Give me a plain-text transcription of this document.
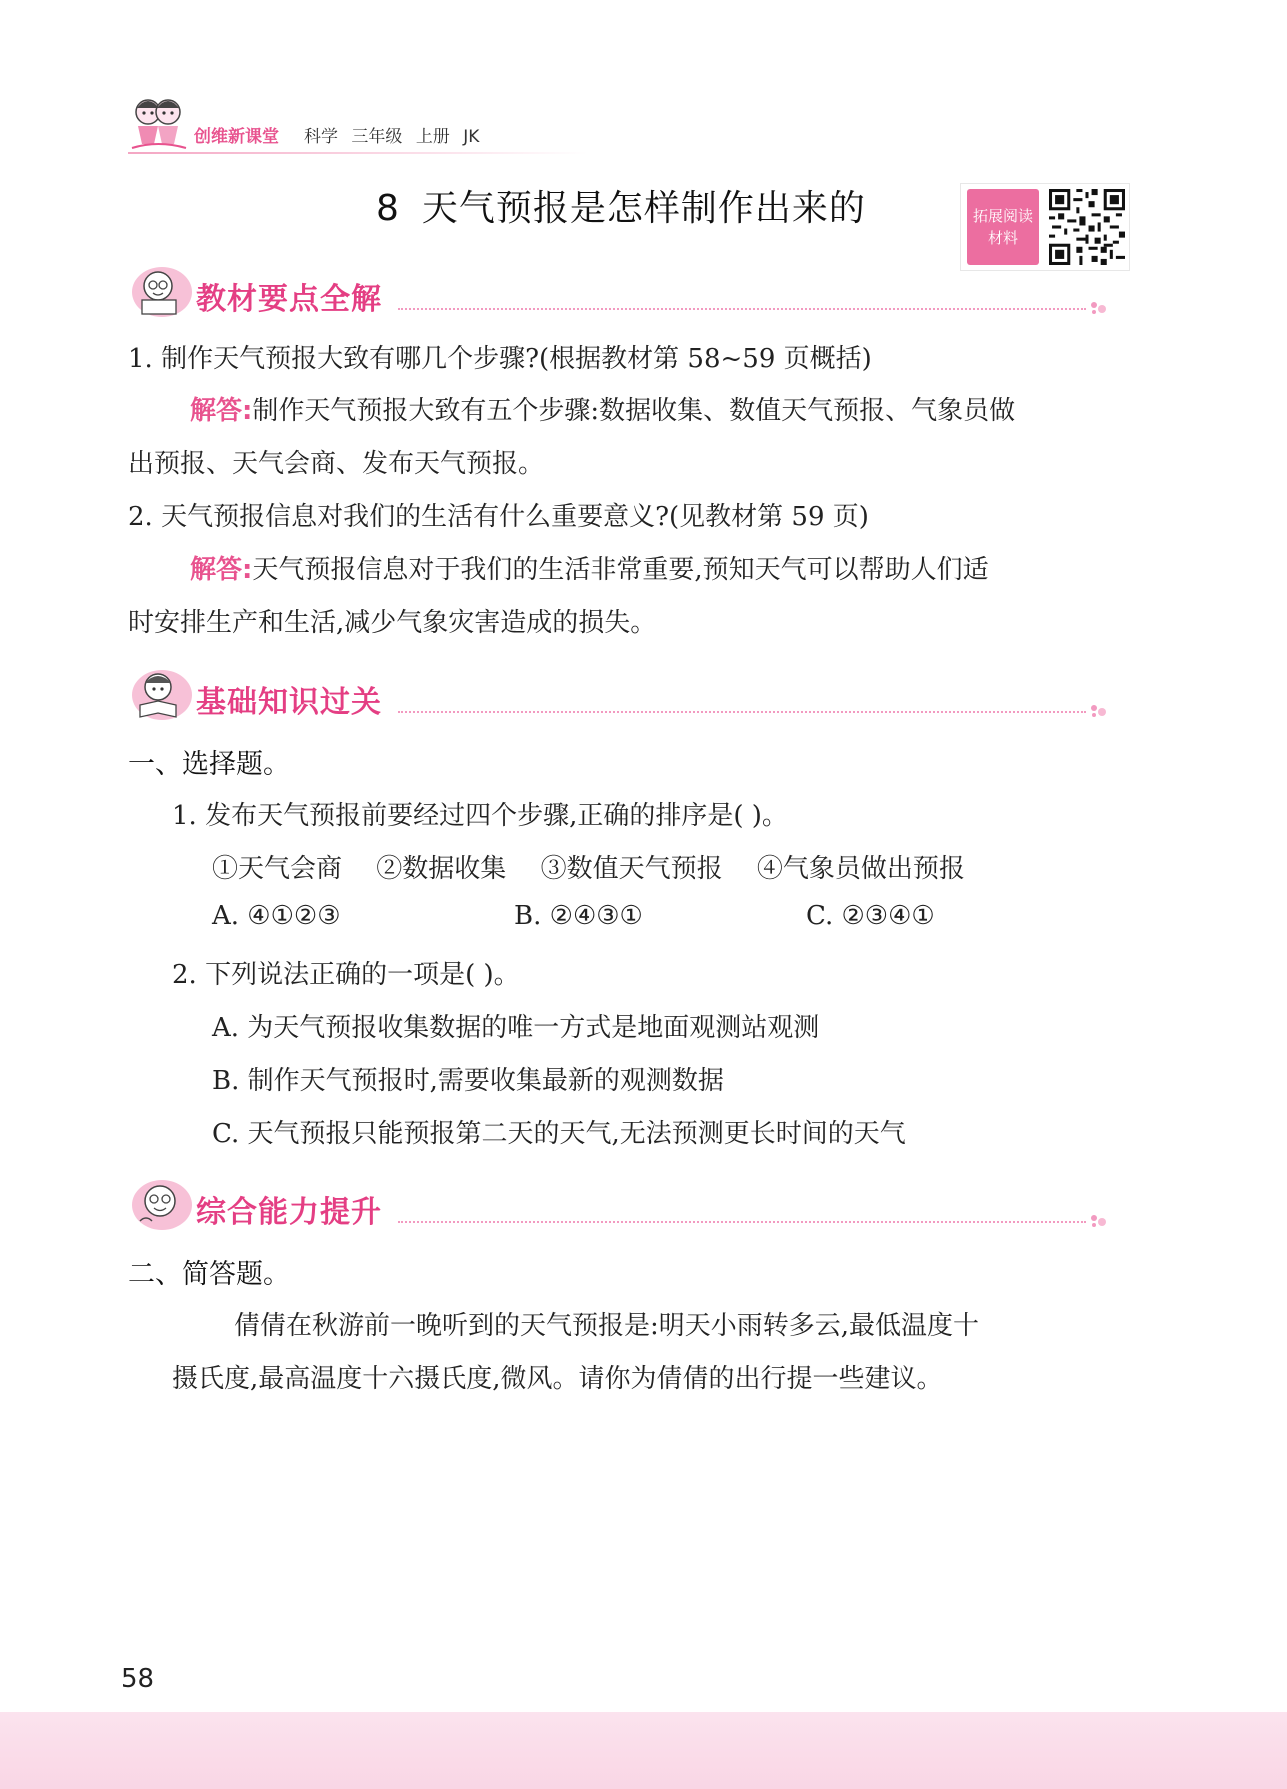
创维新课堂 科学 三年级 上册 JK
8 天气预报是怎样制作出来的	拓展阅读
材料
教材要点全解
1. 制作天气预报大致有哪几个步骤?(根据教材第 58~59 页概括)
解答:制作天气预报大致有五个步骤:数据收集、数值天气预报、气象员做
出预报、天气会商、发布天气预报。
2. 天气预报信息对我们的生活有什么重要意义?(见教材第 59 页)
解答:天气预报信息对于我们的生活非常重要,预知天气可以帮助人们适
时安排生产和生活,减少气象灾害造成的损失。
基础知识过关
一、选择题。
1. 发布天气预报前要经过四个步骤,正确的排序是( )。
①天气会商 ②数据收集 ③数值天气预报 ④气象员做出预报
A. ④①②③	B. ②④③①	C. ②③④①
2. 下列说法正确的一项是( )。
A. 为天气预报收集数据的唯一方式是地面观测站观测
B. 制作天气预报时,需要收集最新的观测数据
C. 天气预报只能预报第二天的天气,无法预测更长时间的天气
综合能力提升
二、简答题。
倩倩在秋游前一晚听到的天气预报是:明天小雨转多云,最低温度十
摄氏度,最高温度十六摄氏度,微风。请你为倩倩的出行提一些建议。
58
